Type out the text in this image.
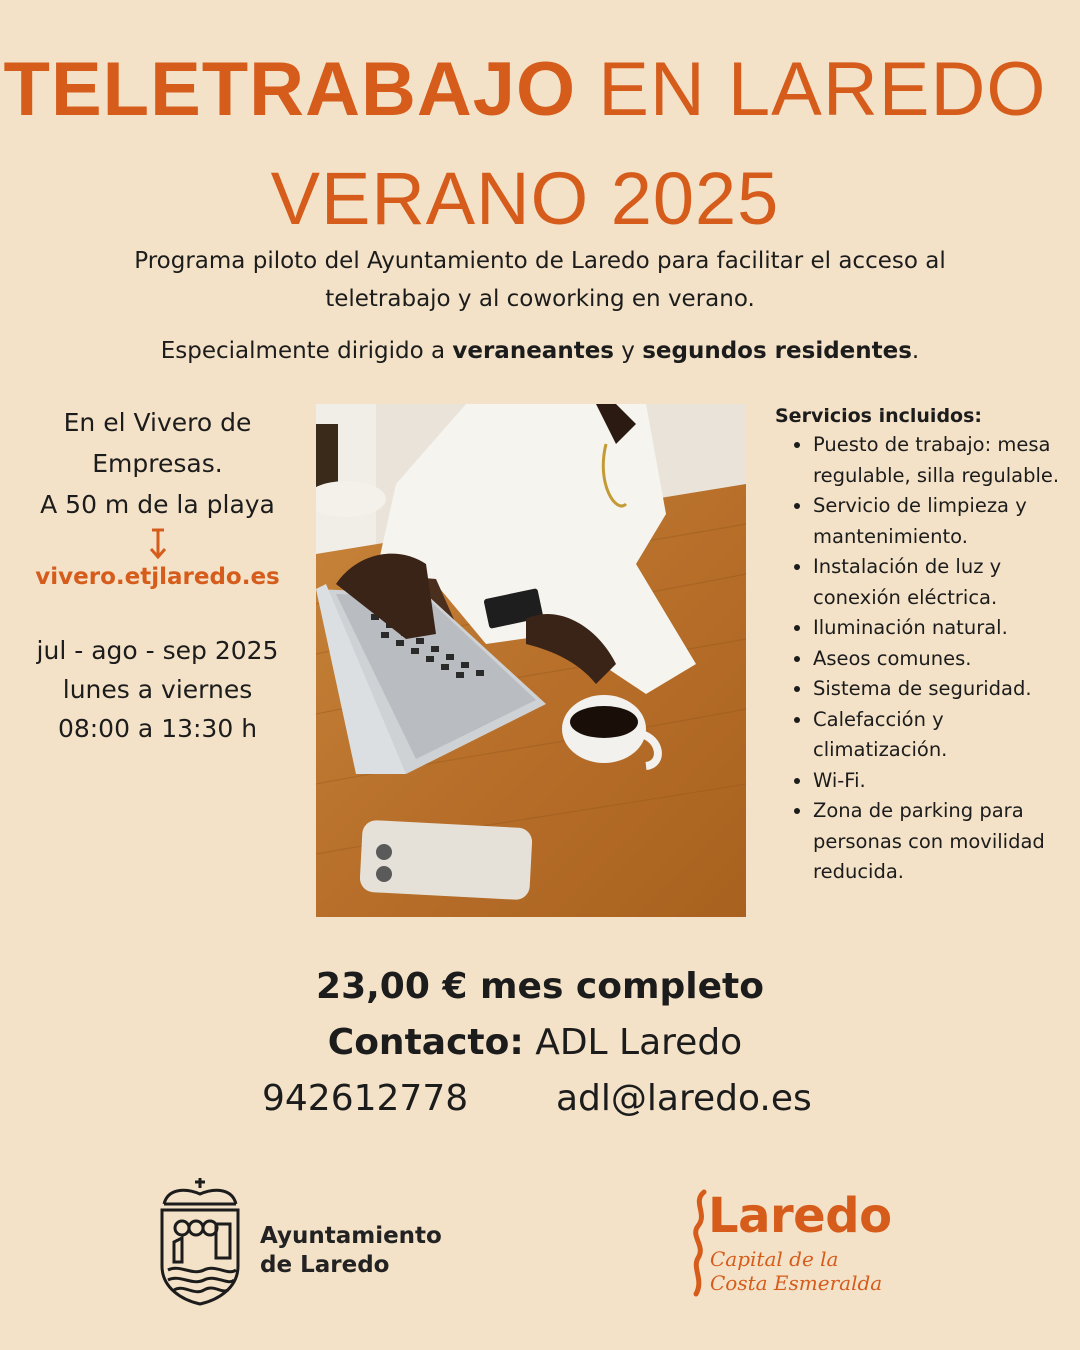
TELETRABAJO EN LAREDO
VERANO 2025
Programa piloto del Ayuntamiento de Laredo para facilitar el acceso al teletrabajo y al coworking en verano.
Especialmente dirigido a veraneantes y segundos residentes.
En el Vivero de
Empresas.
A 50 m de la playa
vivero.etjlaredo.es
jul - ago - sep 2025
lunes a viernes
08:00 a 13:30 h
Servicios incluidos:
• Puesto de trabajo: mesa regulable, silla regulable.
• Servicio de limpieza y mantenimiento.
• Instalación de luz y conexión eléctrica.
• Iluminación natural.
• Aseos comunes.
• Sistema de seguridad.
• Calefacción y climatización.
• Wi-Fi.
• Zona de parking para personas con movilidad reducida.
23,00 € mes completo
Contacto: ADL Laredo
942612778 adl@laredo.es
Ayuntamiento
de Laredo
Laredo
Capital de la
Costa Esmeralda
